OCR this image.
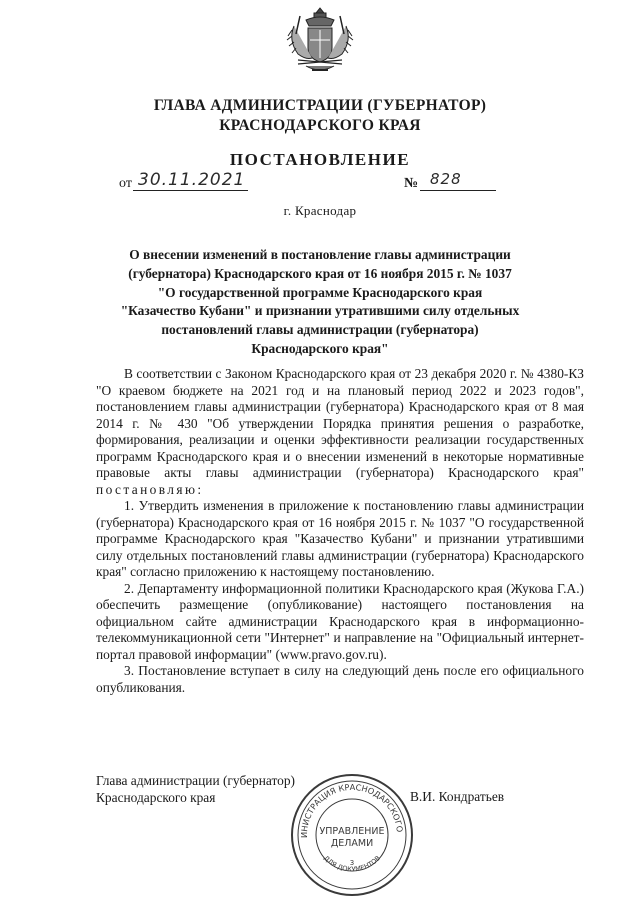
ГЛАВА АДМИНИСТРАЦИИ (ГУБЕРНАТОР)
КРАСНОДАРСКОГО КРАЯ
ПОСТАНОВЛЕНИЕ
от 30.11.2021	№ 828
г. Краснодар
О внесении изменений в постановление главы администрации
(губернатора) Краснодарского края от 16 ноября 2015 г. № 1037
"О государственной программе Краснодарского края
"Казачество Кубани" и признании утратившими силу отдельных
постановлений главы администрации (губернатора)
Краснодарского края"

В соответствии с Законом Краснодарского края от 23 декабря 2020 г. № 4380-КЗ "О краевом бюджете на 2021 год и на плановый период 2022 и 2023 годов", постановлением главы администрации (губернатора) Краснодарского края от 8 мая 2014 г. № 430 "Об утверждении Порядка принятия решения о разработке, формирования, реализации и оценки эффективности реализации государственных программ Краснодарского края и о внесении изменений в некоторые нормативные правовые акты главы администрации (губернатора) Краснодарского края" постановляю:

1. Утвердить изменения в приложение к постановлению главы администрации (губернатора) Краснодарского края от 16 ноября 2015 г. № 1037 "О государственной программе Краснодарского края "Казачество Кубани" и признании утратившими силу отдельных постановлений главы администрации (губернатора) Краснодарского края" согласно приложению к настоящему постановлению.

2. Департаменту информационной политики Краснодарского края (Жукова Г.А.) обеспечить размещение (опубликование) настоящего постановления на официальном сайте администрации Краснодарского края в информационно-телекоммуникационной сети "Интернет" и направление на "Официальный интернет-портал правовой информации" (www.pravo.gov.ru).

3. Постановление вступает в силу на следующий день после его официального опубликования.

Глава администрации (губернатор)
Краснодарского края	В.И. Кондратьев
ИНИСТРАЦИЯ КРАСНОДАРСКОГО
ДЛЯ ДОКУМЕНТОВ
УПРАВЛЕНИЕ
ДЕЛАМИ
3
